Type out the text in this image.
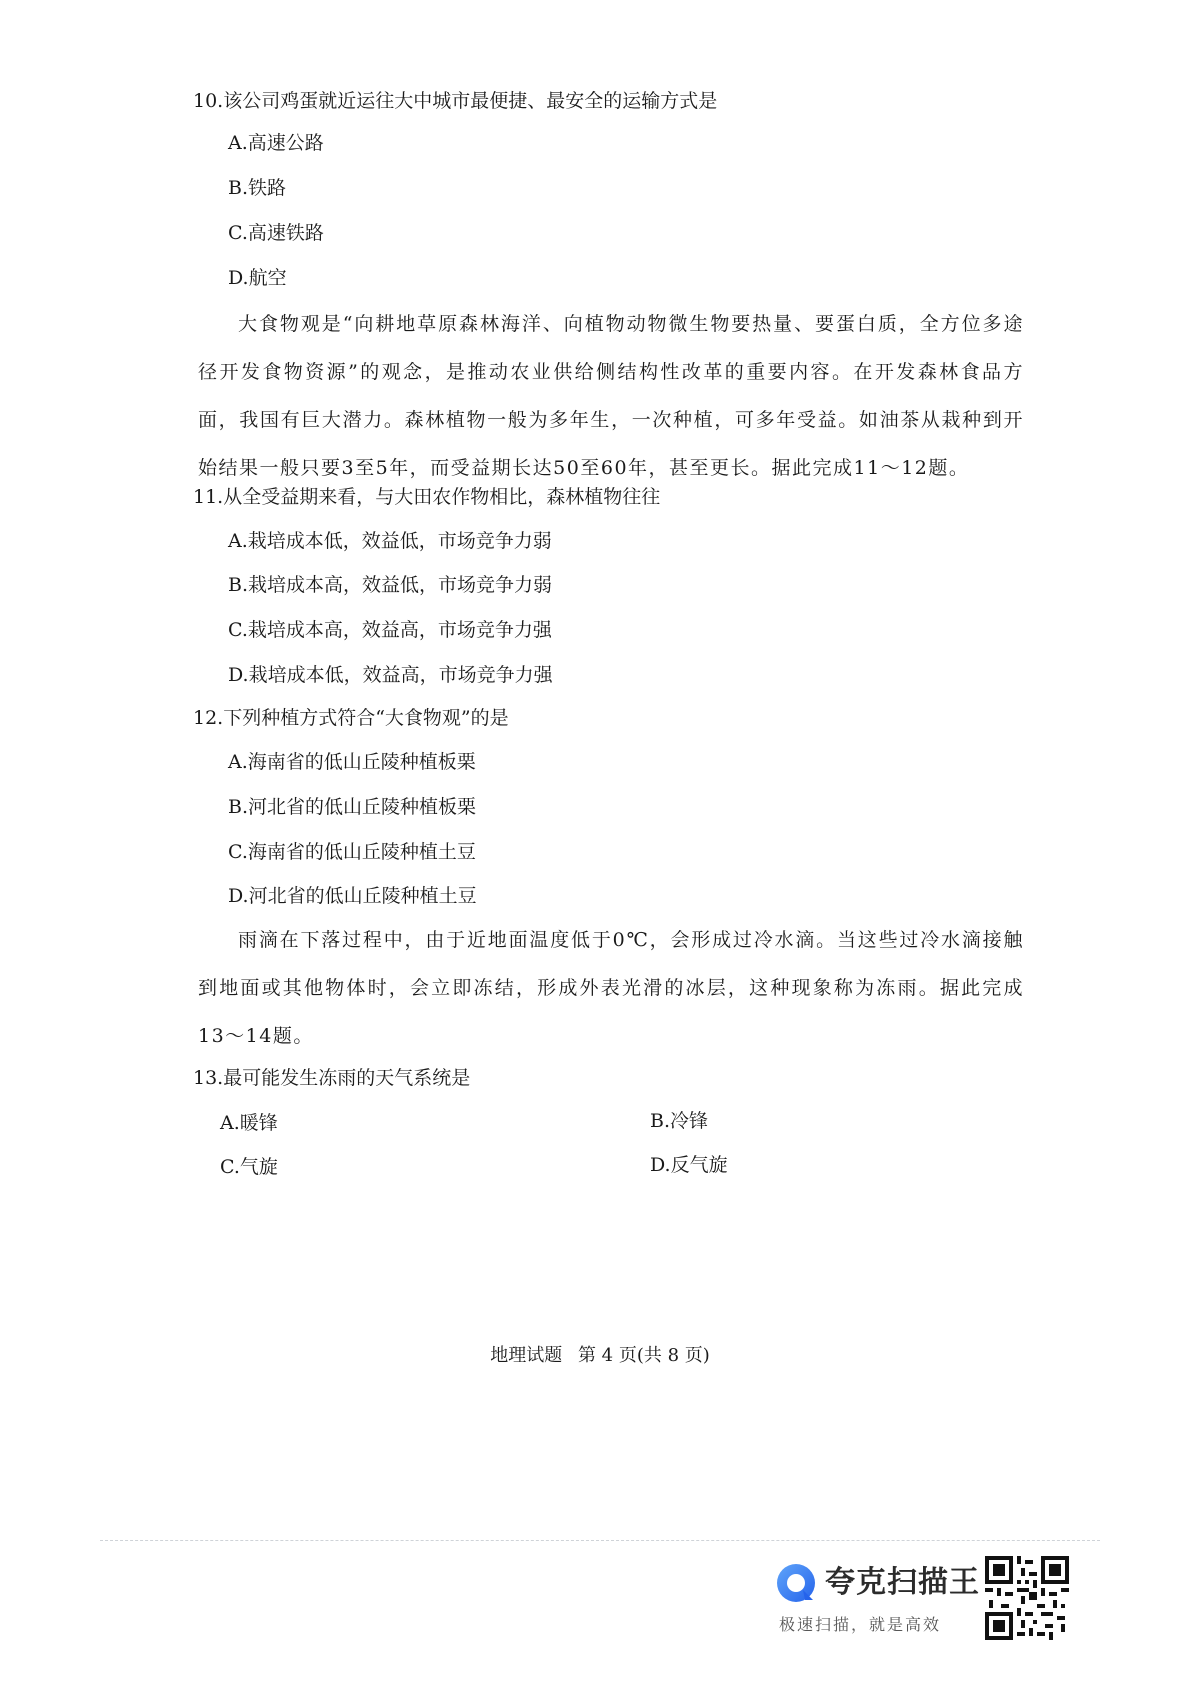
10.该公司鸡蛋就近运往大中城市最便捷、最安全的运输方式是
A.高速公路
B.铁路
C.高速铁路
D.航空
大食物观是“向耕地草原森林海洋、向植物动物微生物要热量、要蛋白质，全方位多途径开发食物资源”的观念，是推动农业供给侧结构性改革的重要内容。在开发森林食品方面，我国有巨大潜力。森林植物一般为多年生，一次种植，可多年受益。如油茶从栽种到开始结果一般只要3至5年，而受益期长达50至60年，甚至更长。据此完成11～12题。
11.从全受益期来看，与大田农作物相比，森林植物往往
A.栽培成本低，效益低，市场竞争力弱
B.栽培成本高，效益低，市场竞争力弱
C.栽培成本高，效益高，市场竞争力强
D.栽培成本低，效益高，市场竞争力强
12.下列种植方式符合“大食物观”的是
A.海南省的低山丘陵种植板栗
B.河北省的低山丘陵种植板栗
C.海南省的低山丘陵种植土豆
D.河北省的低山丘陵种植土豆
雨滴在下落过程中，由于近地面温度低于0℃，会形成过冷水滴。当这些过冷水滴接触到地面或其他物体时，会立即冻结，形成外表光滑的冰层，这种现象称为冻雨。据此完成13～14题。
13.最可能发生冻雨的天气系统是
A.暖锋	B.冷锋
C.气旋	D.反气旋
地理试题 第 4 页(共 8 页)
夸克扫描王
极速扫描，就是高效
